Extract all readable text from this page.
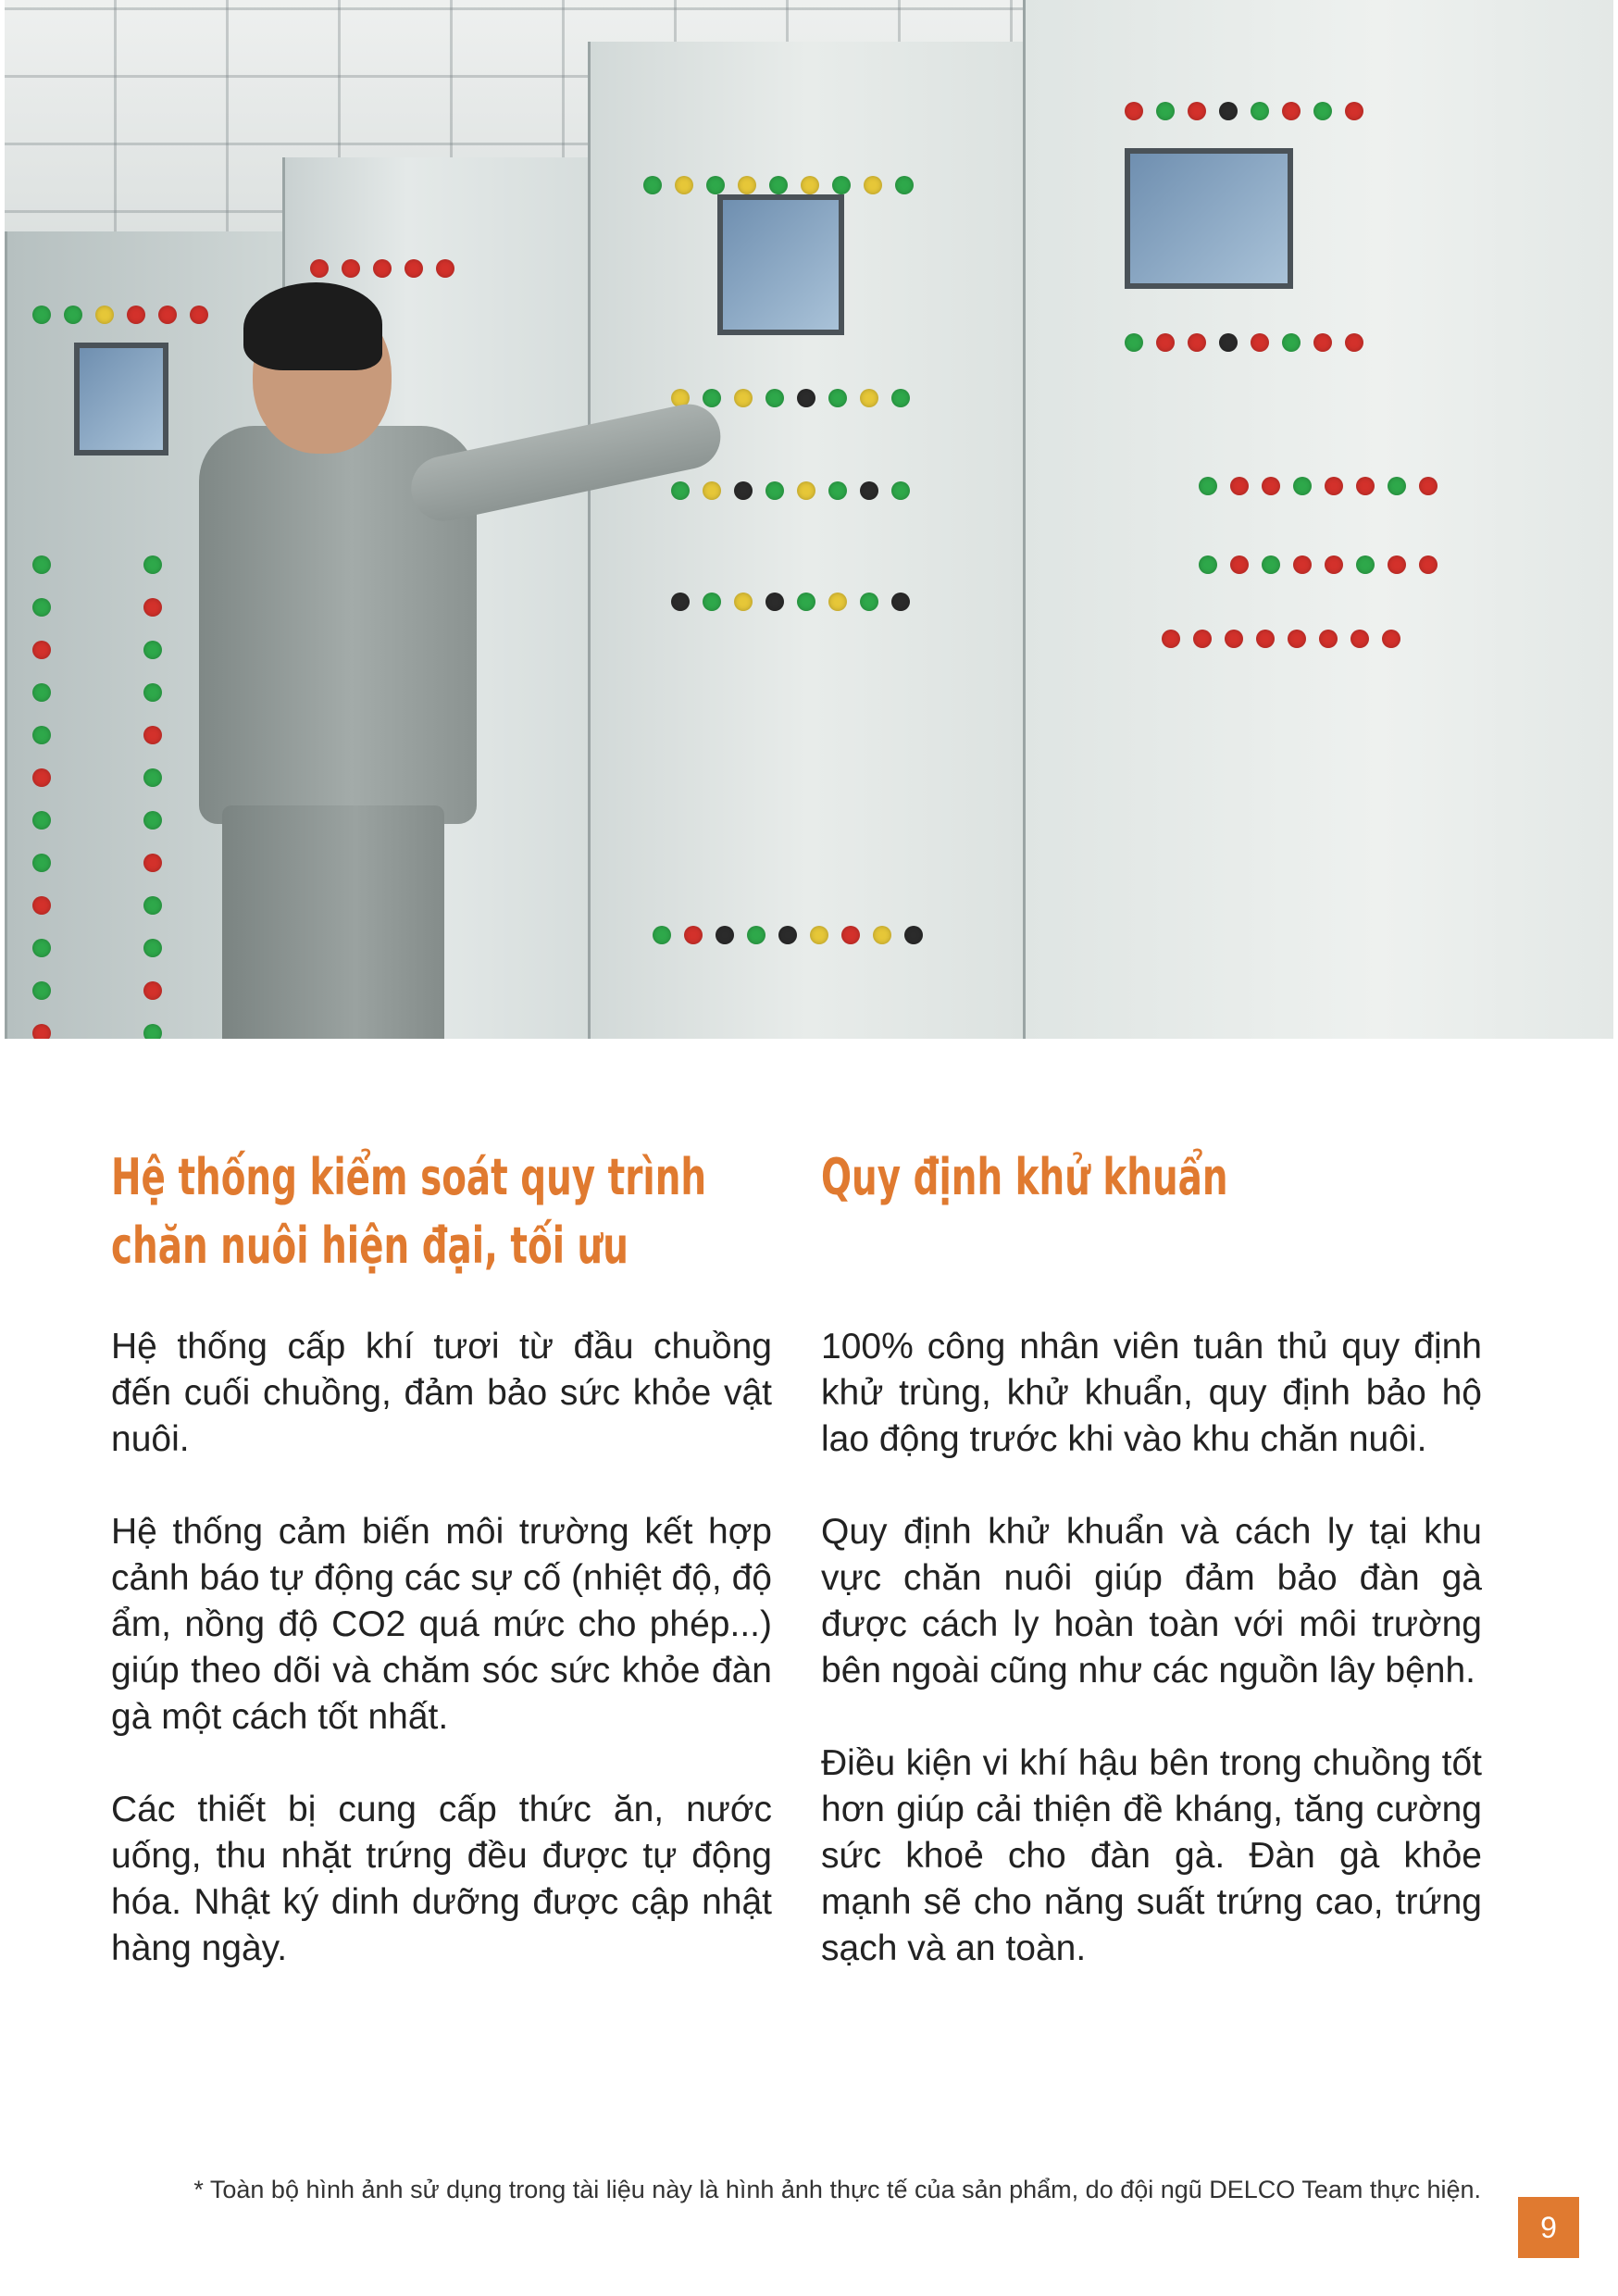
Hệ thống kiểm soát quy trình
chăn nuôi hiện đại, tối ưu
Quy định khử khuẩn

Hệ thống cấp khí tươi từ đầu chuồng đến cuối chuồng, đảm bảo sức khỏe vật nuôi.

Hệ thống cảm biến môi trường kết hợp cảnh báo tự động các sự cố (nhiệt độ, độ ẩm, nồng độ CO2 quá mức cho phép...) giúp theo dõi và chăm sóc sức khỏe đàn gà một cách tốt nhất.

Các thiết bị cung cấp thức ăn, nước uống, thu nhặt trứng đều được tự động hóa. Nhật ký dinh dưỡng được cập nhật hàng ngày.

100% công nhân viên tuân thủ quy định khử trùng, khử khuẩn, quy định bảo hộ lao động trước khi vào khu chăn nuôi.

Quy định khử khuẩn và cách ly tại khu vực chăn nuôi giúp đảm bảo đàn gà được cách ly hoàn toàn với môi trường bên ngoài cũng như các nguồn lây bệnh.

Điều kiện vi khí hậu bên trong chuồng tốt hơn giúp cải thiện đề kháng, tăng cường sức khoẻ cho đàn gà. Đàn gà khỏe mạnh sẽ cho năng suất trứng cao, trứng sạch và an toàn.

* Toàn bộ hình ảnh sử dụng trong tài liệu này là hình ảnh thực tế của sản phẩm, do đội ngũ DELCO Team thực hiện.
9
